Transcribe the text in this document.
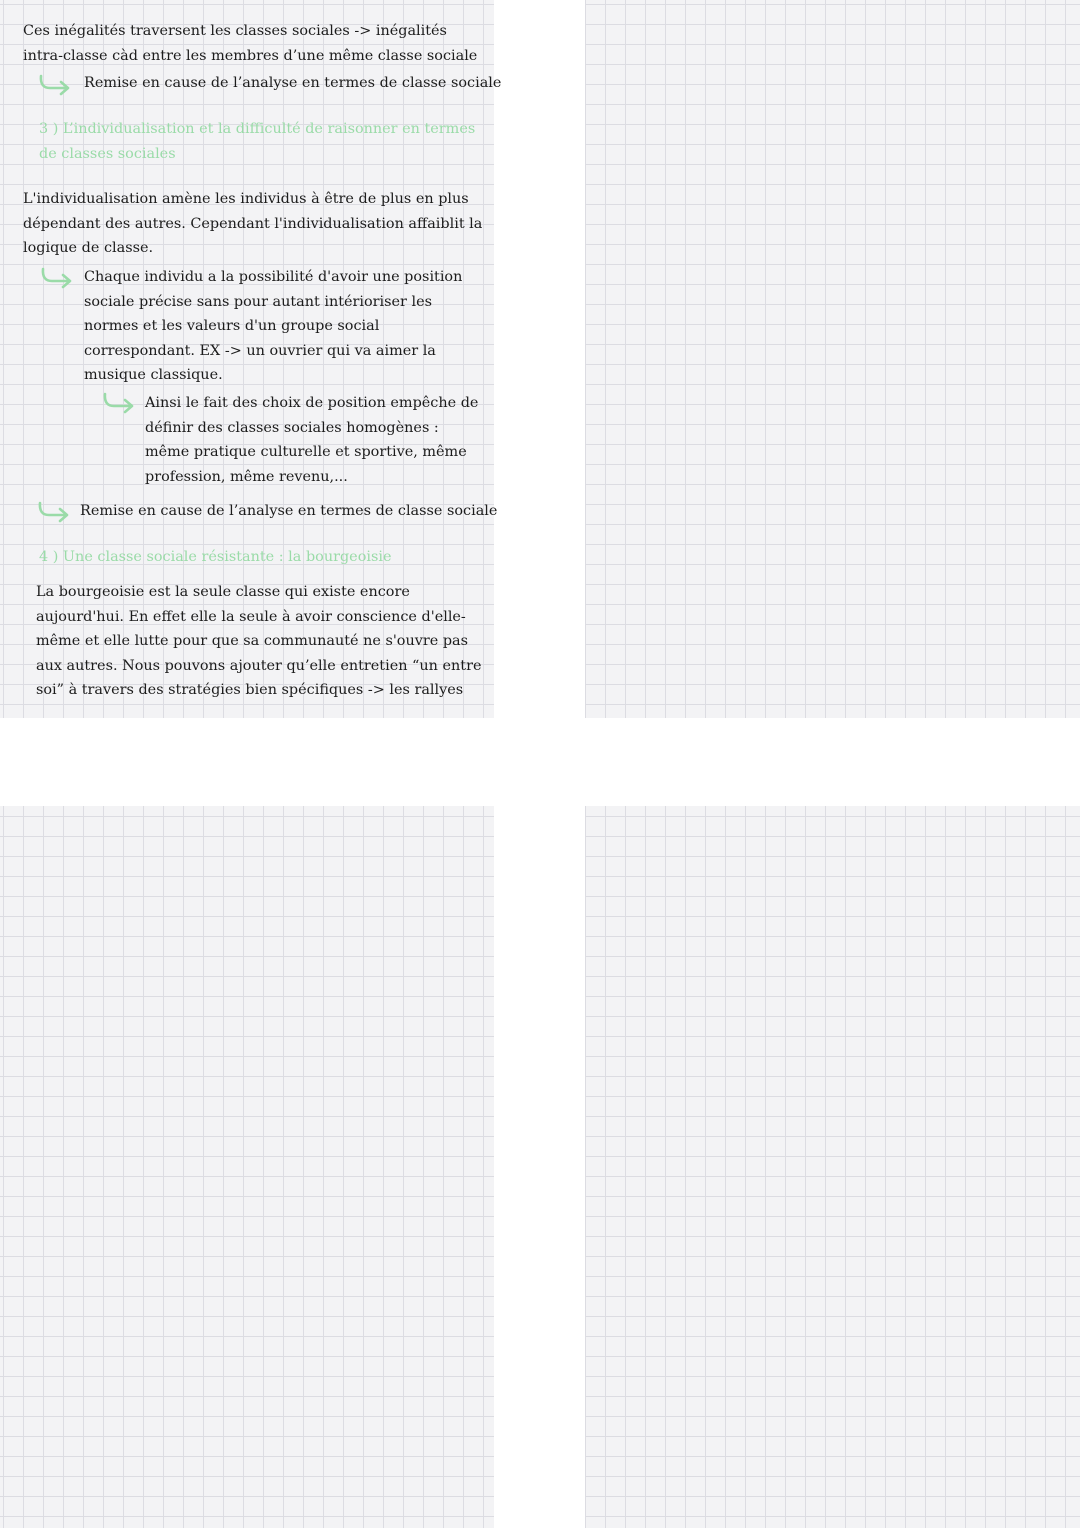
Ces inégalités traversent les classes sociales -> inégalités intra-classe càd entre les membres d’une même classe sociale

Remise en cause de l’analyse en termes de classe sociale

3 ) L’individualisation et la difficulté de raisonner en termes de classes sociales

L'individualisation amène les individus à être de plus en plus dépendant des autres. Cependant l'individualisation affaiblit la logique de classe.

Chaque individu a la possibilité d'avoir une position sociale précise sans pour autant intérioriser les normes et les valeurs d'un groupe social correspondant. EX -> un ouvrier qui va aimer la musique classique.

Ainsi le fait des choix de position empêche de définir des classes sociales homogènes : même pratique culturelle et sportive, même profession, même revenu,...

Remise en cause de l’analyse en termes de classe sociale

4 ) Une classe sociale résistante : la bourgeoisie

La bourgeoisie est la seule classe qui existe encore aujourd'hui. En effet elle la seule à avoir conscience d'elle-même et elle lutte pour que sa communauté ne s'ouvre pas aux autres. Nous pouvons ajouter qu’elle entretien “un entre soi” à travers des stratégies bien spécifiques -> les rallyes
